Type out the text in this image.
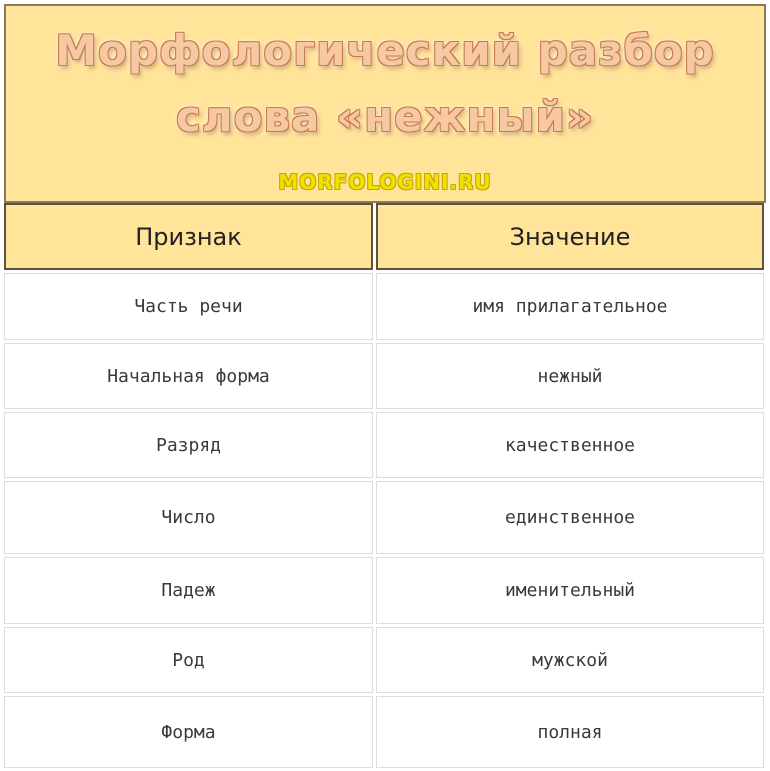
Морфологический разбор
слова «нежный»
MORFOLOGINI.RU
Признак	Значение
Часть речи	имя прилагательное
Начальная форма	нежный
Разряд	качественное
Число	единственное
Падеж	именительный
Род	мужской
Форма	полная
